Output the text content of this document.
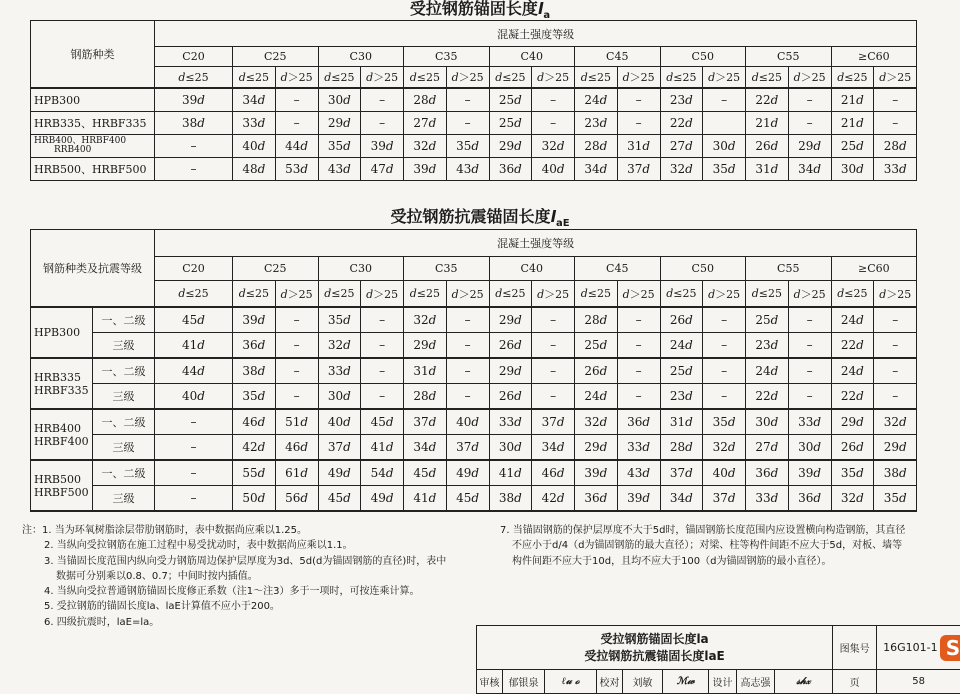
受拉钢筋锚固长度$l_a$
钢筋种类	混凝土强度等级																
	C20	C25		C30		C35		C40		C45		C50		C55		≥C60	
	d≤25	d≤25	d＞25	d≤25	d＞25	d≤25	d＞25	d≤25	d＞25	d≤25	d＞25	d≤25	d＞25	d≤25	d＞25	d≤25	d＞25

HPB300	39d	34d	–	30d	–	28d	–	25d	–	24d	–	23d	–	22d	–	21d	–

HRB335、HRBF335	38d	33d	–	29d	–	27d	–	25d	–	23d	–	22d		21d	–	21d	–

HRB400、HRBF400
RRB400	–	40d	44d	35d	39d	32d	35d	29d	32d	28d	31d	27d	30d	26d	29d	25d	28d

HRB500、HRBF500	–	48d	53d	43d	47d	39d	43d	36d	40d	34d	37d	32d	35d	31d	34d	30d	33d
受拉钢筋抗震锚固长度$l_{aE}$
钢筋种类及抗震等级		混凝土强度等级																
		C20	C25		C30		C35		C40		C45		C50		C55		≥C60	
		d≤25	d≤25	d＞25	d≤25	d＞25	d≤25	d＞25	d≤25	d＞25	d≤25	d＞25	d≤25	d＞25	d≤25	d＞25	d≤25	d＞25

HPB300	一、二级	45d	39d	–	35d	–	32d	–	29d	–	28d	–	26d	–	25d	–	24d	–
	三级	41d	36d	–	32d	–	29d	–	26d	–	25d	–	24d	–	23d	–	22d	–

HRB335
HRBF335	一、二级	44d	38d	–	33d	–	31d	–	29d	–	26d	–	25d	–	24d	–	24d	–
	三级	40d	35d	–	30d	–	28d	–	26d	–	24d	–	23d	–	22d	–	22d	–

HRB400
HRBF400	一、二级	–	46d	51d	40d	45d	37d	40d	33d	37d	32d	36d	31d	35d	30d	33d	29d	32d
	三级	–	42d	46d	37d	41d	34d	37d	30d	34d	29d	33d	28d	32d	27d	30d	26d	29d

HRB500
HRBF500	一、二级	–	55d	61d	49d	54d	45d	49d	41d	46d	39d	43d	37d	40d	36d	39d	35d	38d
	三级	–	50d	56d	45d	49d	41d	45d	38d	42d	36d	39d	34d	37d	33d	36d	32d	35d

注：1. 当为环氧树脂涂层带肋钢筋时，表中数据尚应乘以1.25。

2. 当纵向受拉钢筋在施工过程中易受扰动时，表中数据尚应乘以1.1。

3. 当锚固长度范围内纵向受力钢筋周边保护层厚度为3d、5d(d为锚固钢筋的直径)时，表中数据可分别乘以0.8、0.7；中间时按内插值。

4. 当纵向受拉普通钢筋锚固长度修正系数（注1～注3）多于一项时，可按连乘计算。

5. 受拉钢筋的锚固长度la、laE计算值不应小于200。

6. 四级抗震时，laE=la。

7. 当锚固钢筋的保护层厚度不大于5d时，锚固钢筋长度范围内应设置横向构造钢筋，其直径不应小于d/4（d为锚固钢筋的最大直径）；对梁、柱等构件间距不应大于5d，对板、墙等构件间距不应大于10d，且均不应大于100（d为锚固钢筋的最小直径）。

受拉钢筋锚固长度la
受拉钢筋抗震锚固长度laE									图集号	16G101-1
审核	郁银泉	ℓ𝓊 ℴ	校对	刘敏	ℳ𝓌	设计	高志强	𝓈𝒽𝓍	页	58
S
